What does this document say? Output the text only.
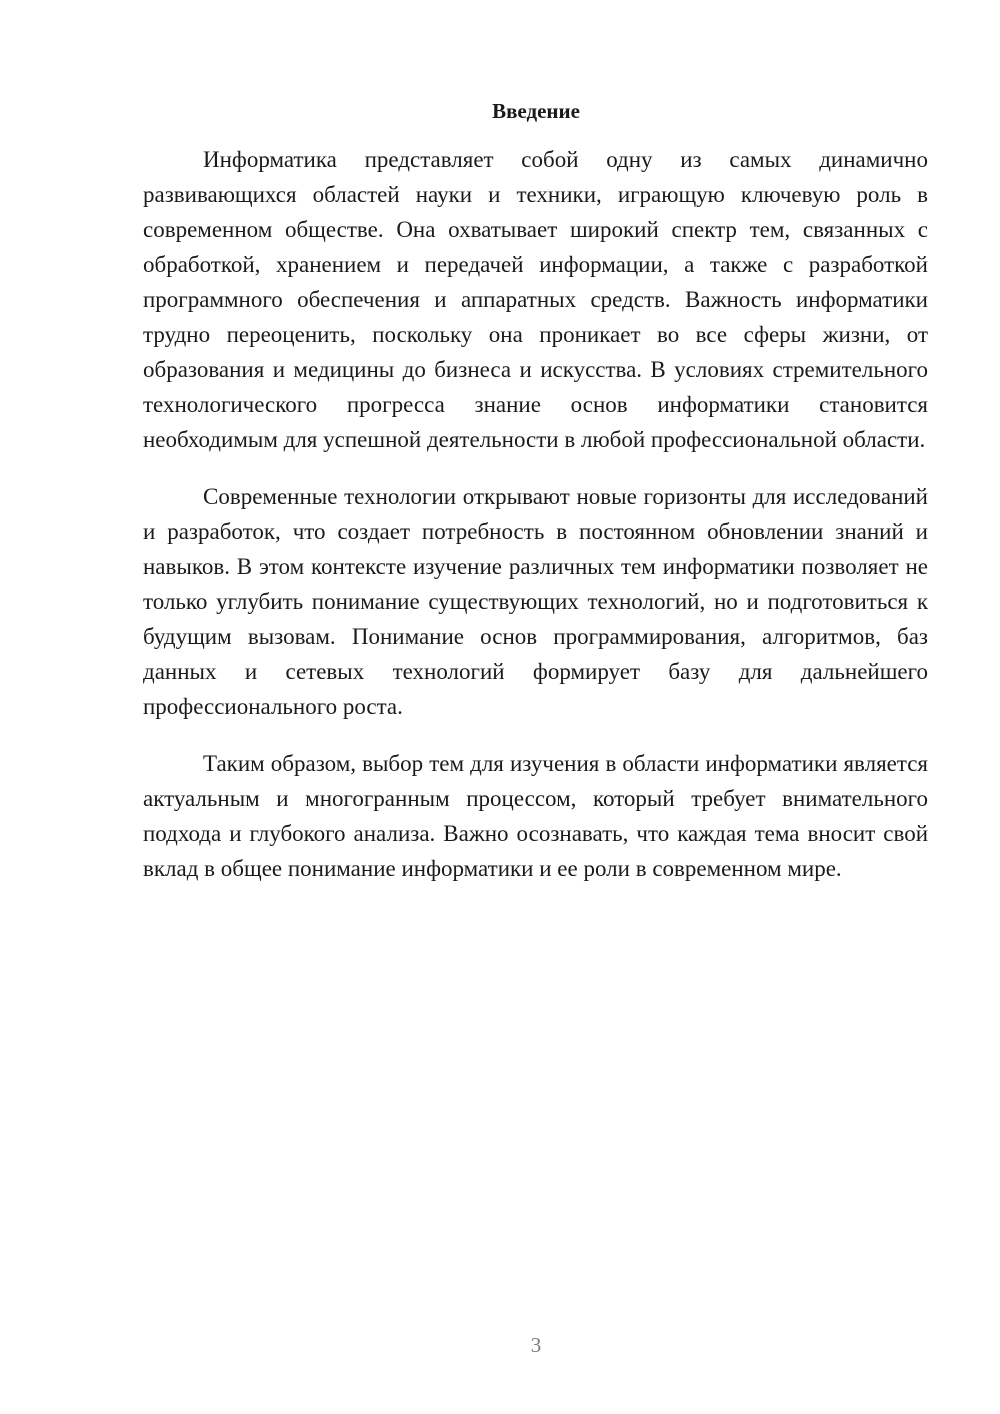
Введение

Информатика представляет собой одну из самых динамично развивающихся областей науки и техники, играющую ключевую роль в современном обществе. Она охватывает широкий спектр тем, связанных с обработкой, хранением и передачей информации, а также с разработкой программного обеспечения и аппаратных средств. Важность информатики трудно переоценить, поскольку она проникает во все сферы жизни, от образования и медицины до бизнеса и искусства. В условиях стремительного технологического прогресса знание основ информатики становится необходимым для успешной деятельности в любой профессиональной области.

Современные технологии открывают новые горизонты для исследований и разработок, что создает потребность в постоянном обновлении знаний и навыков. В этом контексте изучение различных тем информатики позволяет не только углубить понимание существующих технологий, но и подготовиться к будущим вызовам. Понимание основ программирования, алгоритмов, баз данных и сетевых технологий формирует базу для дальнейшего профессионального роста.

Таким образом, выбор тем для изучения в области информатики является актуальным и многогранным процессом, который требует внимательного подхода и глубокого анализа. Важно осознавать, что каждая тема вносит свой вклад в общее понимание информатики и ее роли в современном мире.

3
